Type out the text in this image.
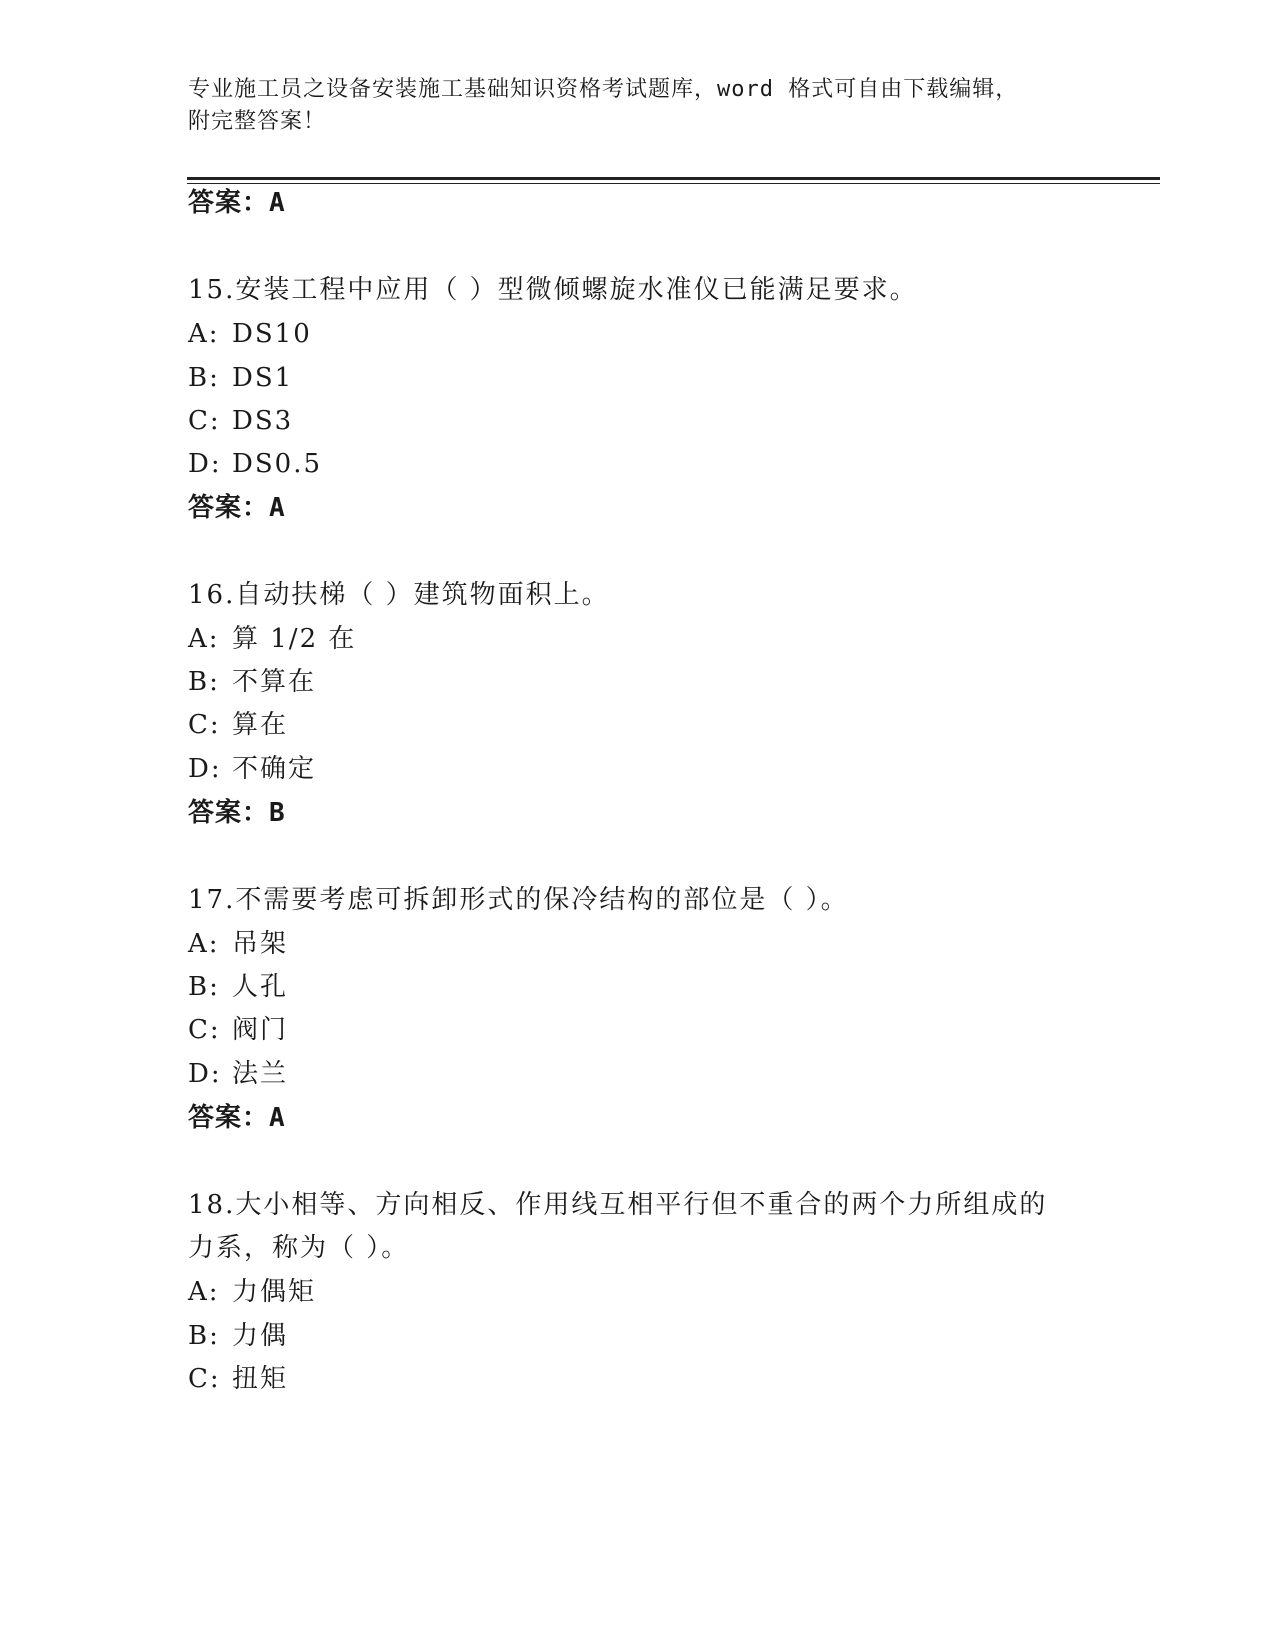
专业施工员之设备安装施工基础知识资格考试题库，word 格式可自由下载编辑，
附完整答案！
答案：A
15.安装工程中应用（ ）型微倾螺旋水准仪已能满足要求。
A: DS10
B: DS1
C: DS3
D: DS0.5
答案：A
16.自动扶梯（ ）建筑物面积上。
A: 算 1/2 在
B: 不算在
C: 算在
D: 不确定
答案：B
17.不需要考虑可拆卸形式的保冷结构的部位是（ ）。
A: 吊架
B: 人孔
C: 阀门
D: 法兰
答案：A
18.大小相等、方向相反、作用线互相平行但不重合的两个力所组成的
力系，称为（ ）。
A: 力偶矩
B: 力偶
C: 扭矩
